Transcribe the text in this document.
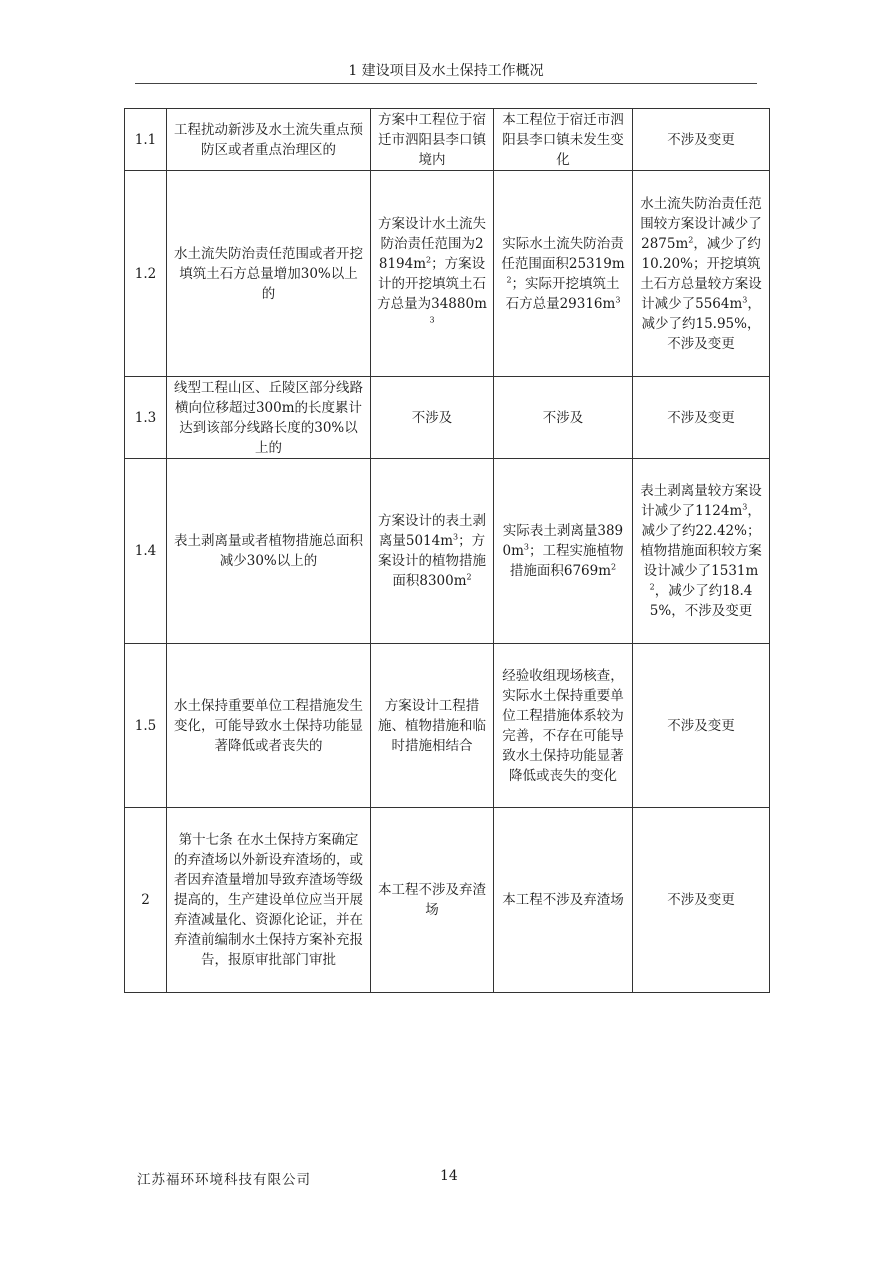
1 建设项目及水土保持工作概况
1.1	工程扰动新涉及水土流失重点预防区或者重点治理区的	方案中工程位于宿迁市泗阳县李口镇境内	本工程位于宿迁市泗阳县李口镇未发生变化	不涉及变更
1.2	水土流失防治责任范围或者开挖填筑土石方总量增加30%以上的	方案设计水土流失防治责任范围为$28194m^2$；方案设计的开挖填筑土石方总量为$34880m^3$	实际水土流失防治责任范围面积$25319m^2$；实际开挖填筑土石方总量$29316m^3$	水土流失防治责任范围较方案设计减少了$2875m^2$，减少了约10.20%；开挖填筑土石方总量较方案设计减少了$5564m^3$，减少了约15.95%，不涉及变更
1.3	线型工程山区、丘陵区部分线路横向位移超过300m的长度累计达到该部分线路长度的30%以上的	不涉及	不涉及	不涉及变更
1.4	表土剥离量或者植物措施总面积减少30%以上的	方案设计的表土剥离量$5014m^3$；方案设计的植物措施面积$8300m^2$	实际表土剥离量$3890m^3$；工程实施植物措施面积$6769m^2$	表土剥离量较方案设计减少了$1124m^3$，减少了约22.42%；植物措施面积较方案设计减少了$1531m^2$，减少了约18.45%，不涉及变更
1.5	水土保持重要单位工程措施发生变化，可能导致水土保持功能显著降低或者丧失的	方案设计工程措施、植物措施和临时措施相结合	经验收组现场核查，实际水土保持重要单位工程措施体系较为完善，不存在可能导致水土保持功能显著降低或丧失的变化	不涉及变更
2	第十七条 在水土保持方案确定的弃渣场以外新设弃渣场的，或者因弃渣量增加导致弃渣场等级提高的，生产建设单位应当开展弃渣减量化、资源化论证，并在弃渣前编制水土保持方案补充报告，报原审批部门审批	本工程不涉及弃渣场	本工程不涉及弃渣场	不涉及变更
江苏福环环境科技有限公司	14
